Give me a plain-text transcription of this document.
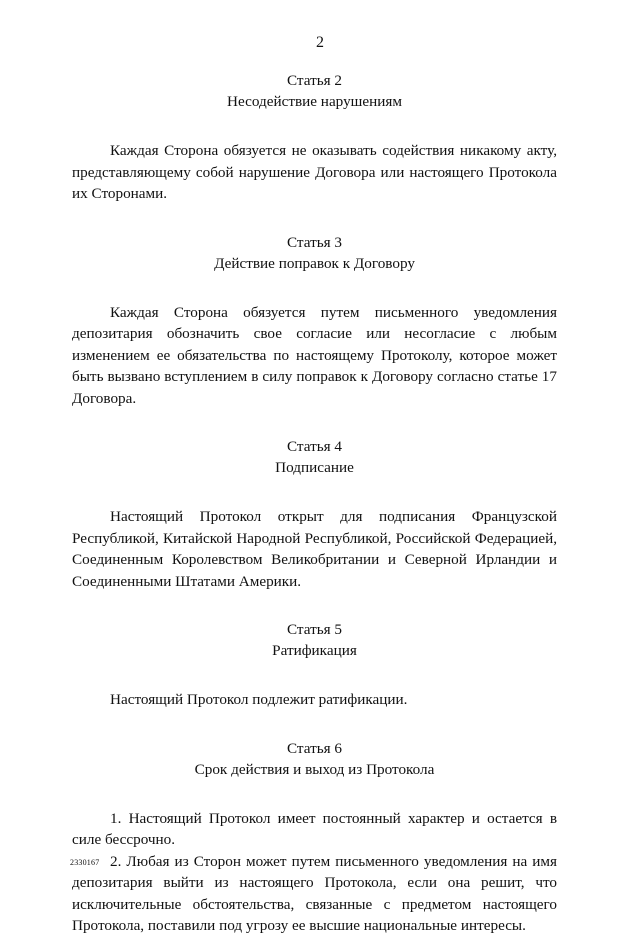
2

Статья 2

Несодействие нарушениям

Каждая Сторона обязуется не оказывать содействия никакому акту, представляющему собой нарушение Договора или настоящего Протокола их Сторонами.

Статья 3

Действие поправок к Договору

Каждая Сторона обязуется путем письменного уведомления депозитария обозначить свое согласие или несогласие с любым изменением ее обязательства по настоящему Протоколу, которое может быть вызвано вступлением в силу поправок к Договору согласно статье 17 Договора.

Статья 4

Подписание

Настоящий Протокол открыт для подписания Французской Республикой, Китайской Народной Республикой, Российской Федерацией, Соединенным Королевством Великобритании и Северной Ирландии и Соединенными Штатами Америки.

Статья 5

Ратификация

Настоящий Протокол подлежит ратификации.

Статья 6

Срок действия и выход из Протокола

1. Настоящий Протокол имеет постоянный характер и остается в силе бессрочно.

2. Любая из Сторон может путем письменного уведомления на имя депозитария выйти из настоящего Протокола, если она решит, что исключительные обстоятельства, связанные с предметом настоящего Протокола, поставили под угрозу ее высшие национальные интересы.

2330167
